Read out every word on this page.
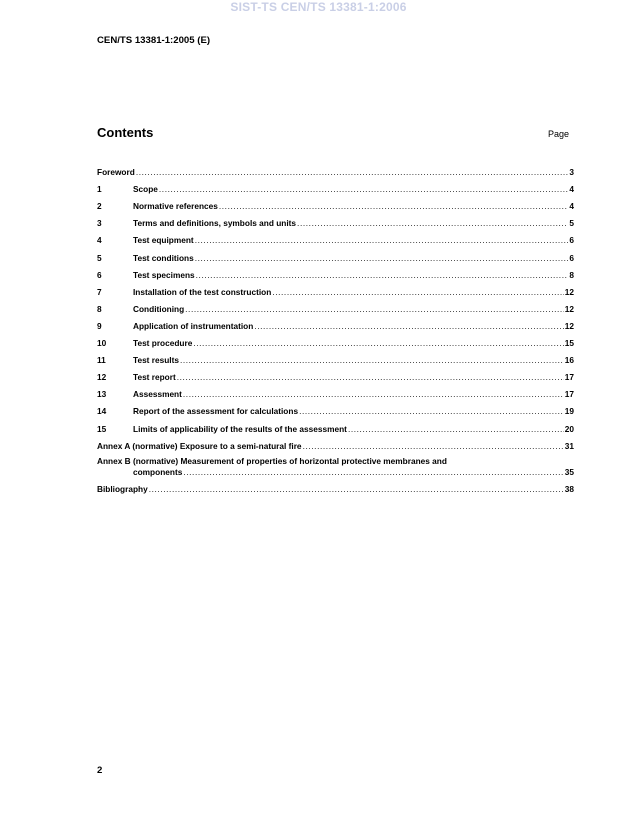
SIST-TS CEN/TS 13381-1:2006
CEN/TS 13381-1:2005 (E)
Contents	Page
Foreword .....	3
1	Scope .....	4
2	Normative references .....	4
3	Terms and definitions, symbols and units .....	5
4	Test equipment .....	6
5	Test conditions .....	6
6	Test specimens .....	8
7	Installation of the test construction .....	12
8	Conditioning .....	12
9	Application of instrumentation .....	12
10	Test procedure .....	15
11	Test results .....	16
12	Test report .....	17
13	Assessment .....	17
14	Report of the assessment for calculations .....	19
15	Limits of applicability of the results of the assessment .....	20
Annex A (normative) Exposure to a semi-natural fire .....	31
Annex B (normative) Measurement of properties of horizontal protective membranes and
components .....	35
Bibliography .....	38
2
